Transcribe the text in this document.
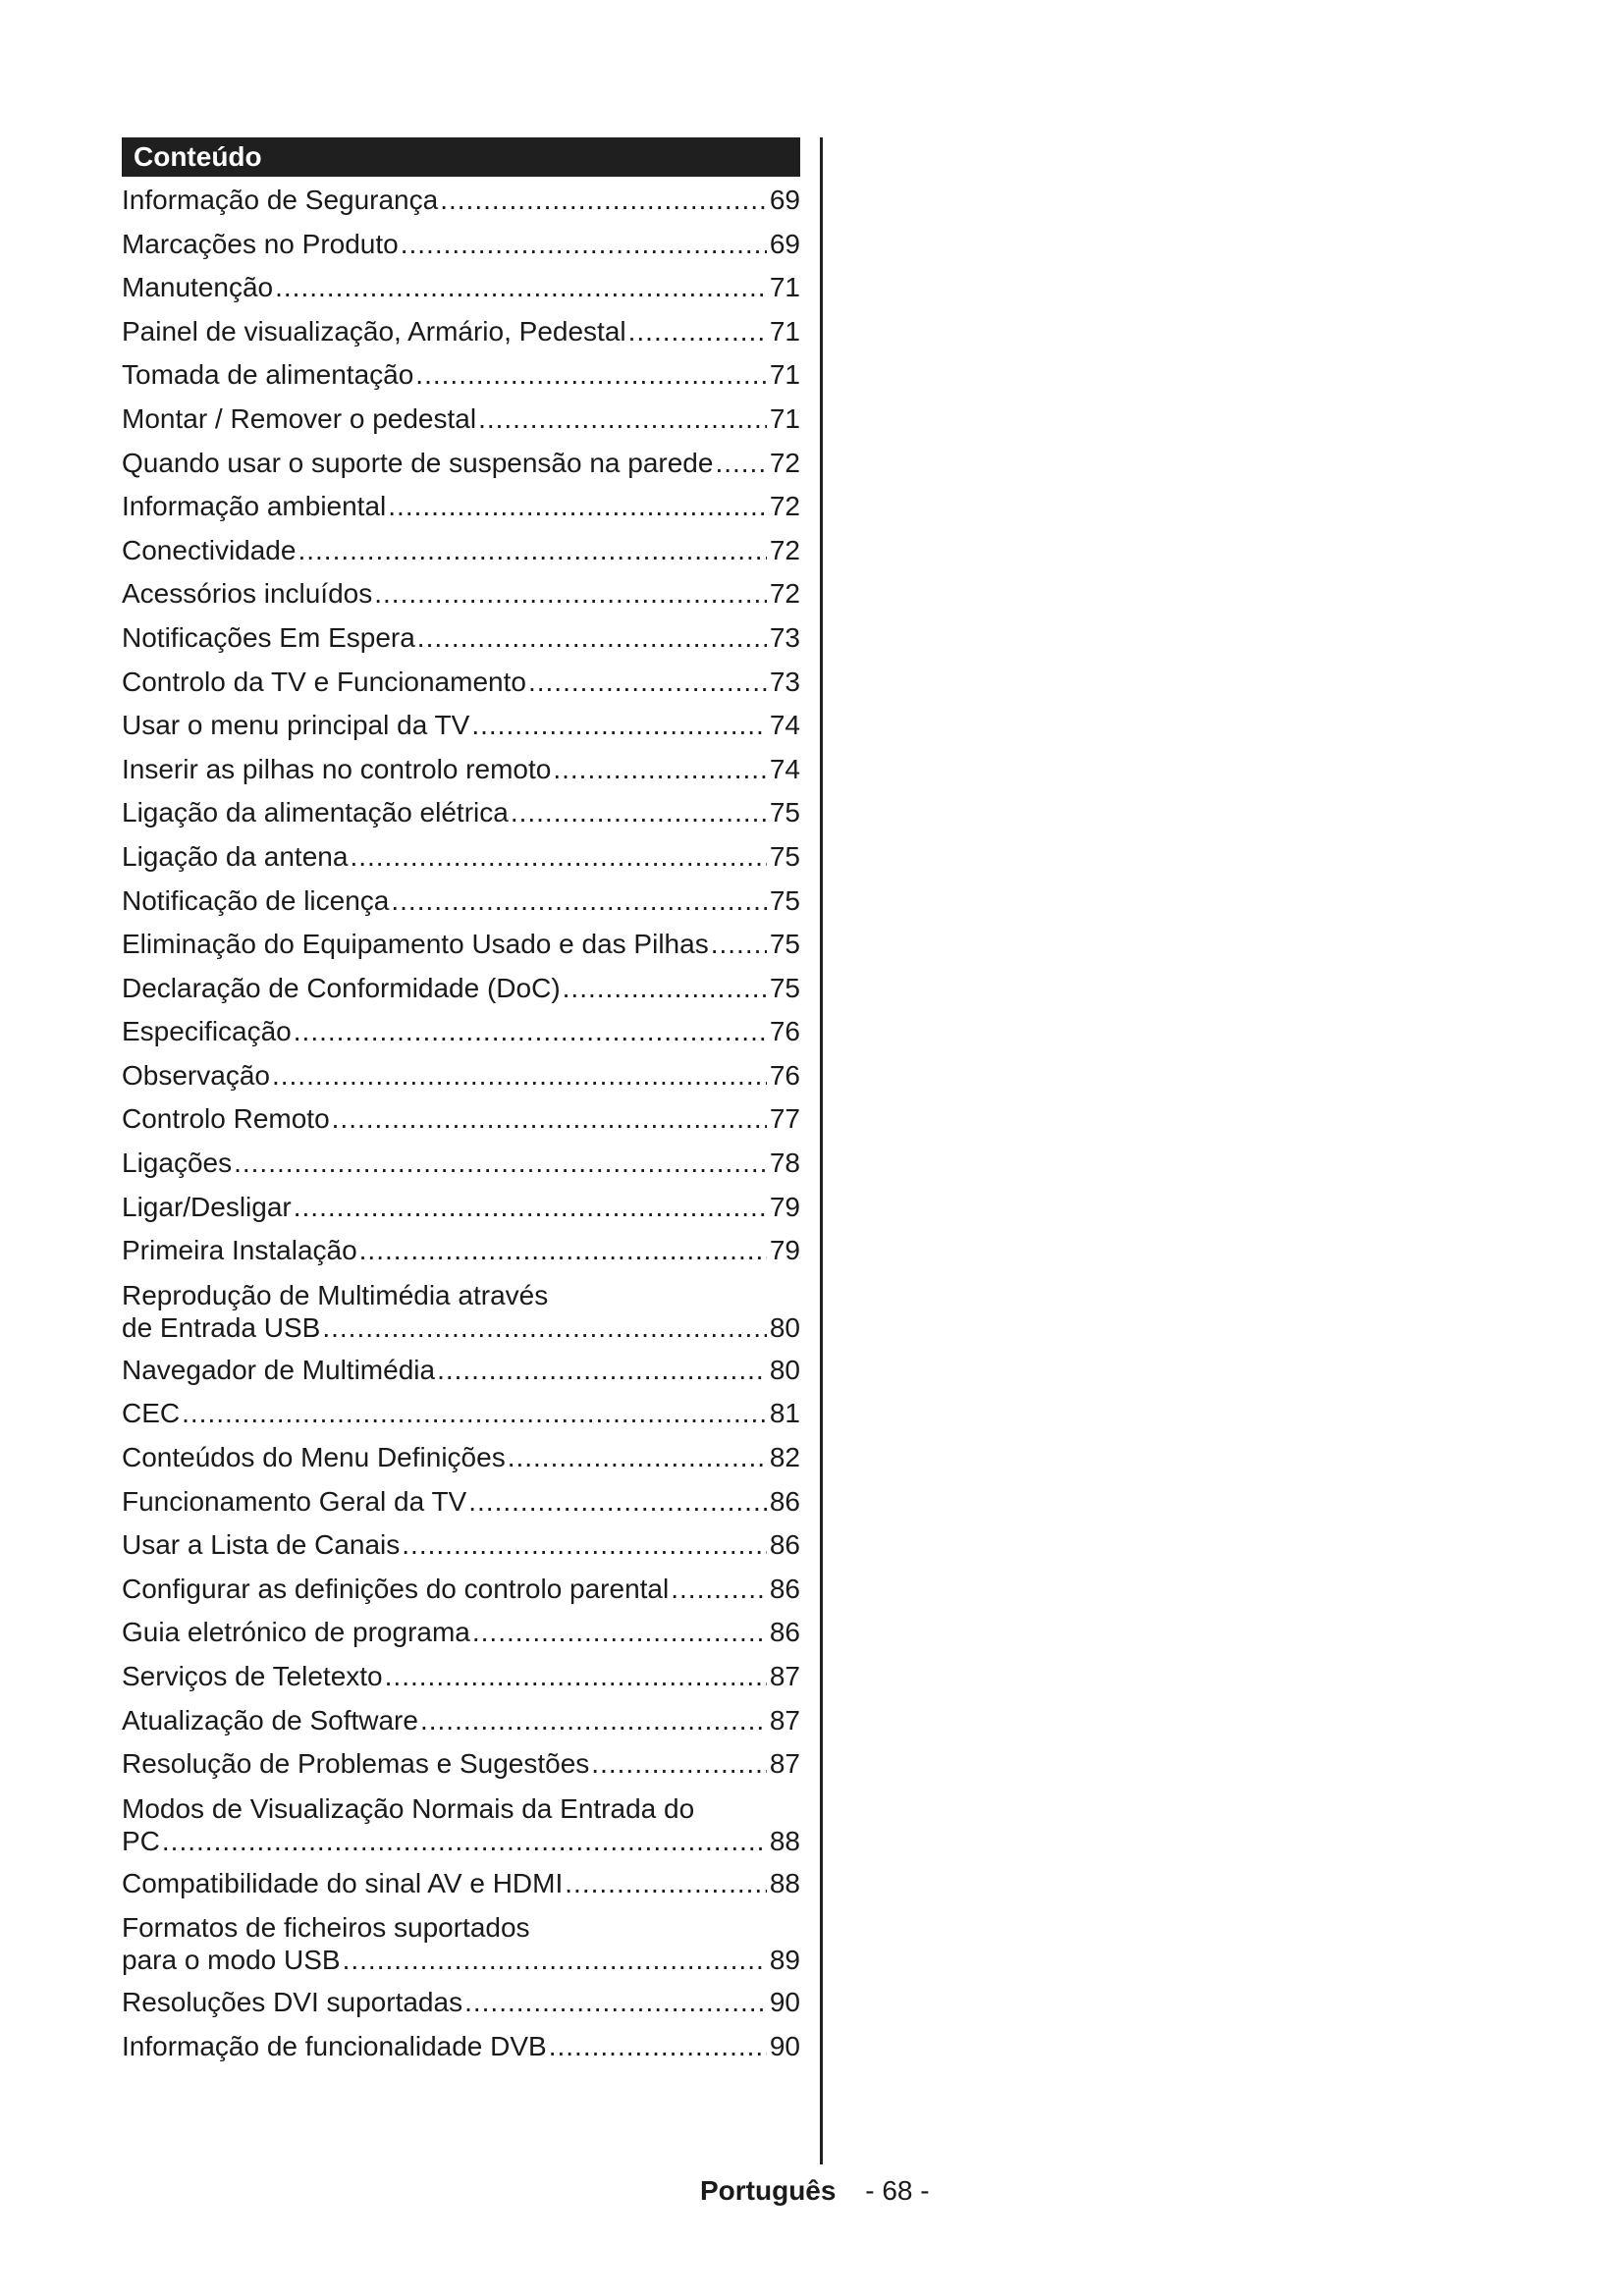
Conteúdo
Informação de Segurança .....	69
Marcações no Produto .....	69
Manutenção .....	71
Painel de visualização, Armário, Pedestal .....	71
Tomada de alimentação .....	71
Montar / Remover o pedestal .....	71
Quando usar o suporte de suspensão na parede ..... 72
Informação ambiental .....	72
Conectividade .....	72
Acessórios incluídos .....	72
Notificações Em Espera .....	73
Controlo da TV e Funcionamento .....	73
Usar o menu principal da TV .....	74
Inserir as pilhas no controlo remoto .....	74
Ligação da alimentação elétrica .....	75
Ligação da antena .....	75
Notificação de licença .....	75
Eliminação do Equipamento Usado e das Pilhas ..... 75
Declaração de Conformidade (DoC) .....	75
Especificação .....	76
Observação .....	76
Controlo Remoto .....	77
Ligações .....	78
Ligar/Desligar .....	79
Primeira Instalação .....	79
Reprodução de Multimédia através
de Entrada USB .....	80
Navegador de Multimédia .....	80
CEC .....	81
Conteúdos do Menu Definições .....	82
Funcionamento Geral da TV .....	86
Usar a Lista de Canais .....	86
Configurar as definições do controlo parental .....	86
Guia eletrónico de programa .....	86
Serviços de Teletexto .....	87
Atualização de Software .....	87
Resolução de Problemas e Sugestões .....	87
Modos de Visualização Normais da Entrada do
PC .....	88
Compatibilidade do sinal AV e HDMI .....	88
Formatos de ficheiros suportados
para o modo USB .....	89
Resoluções DVI suportadas .....	90
Informação de funcionalidade DVB .....	90
Português - 68 -
